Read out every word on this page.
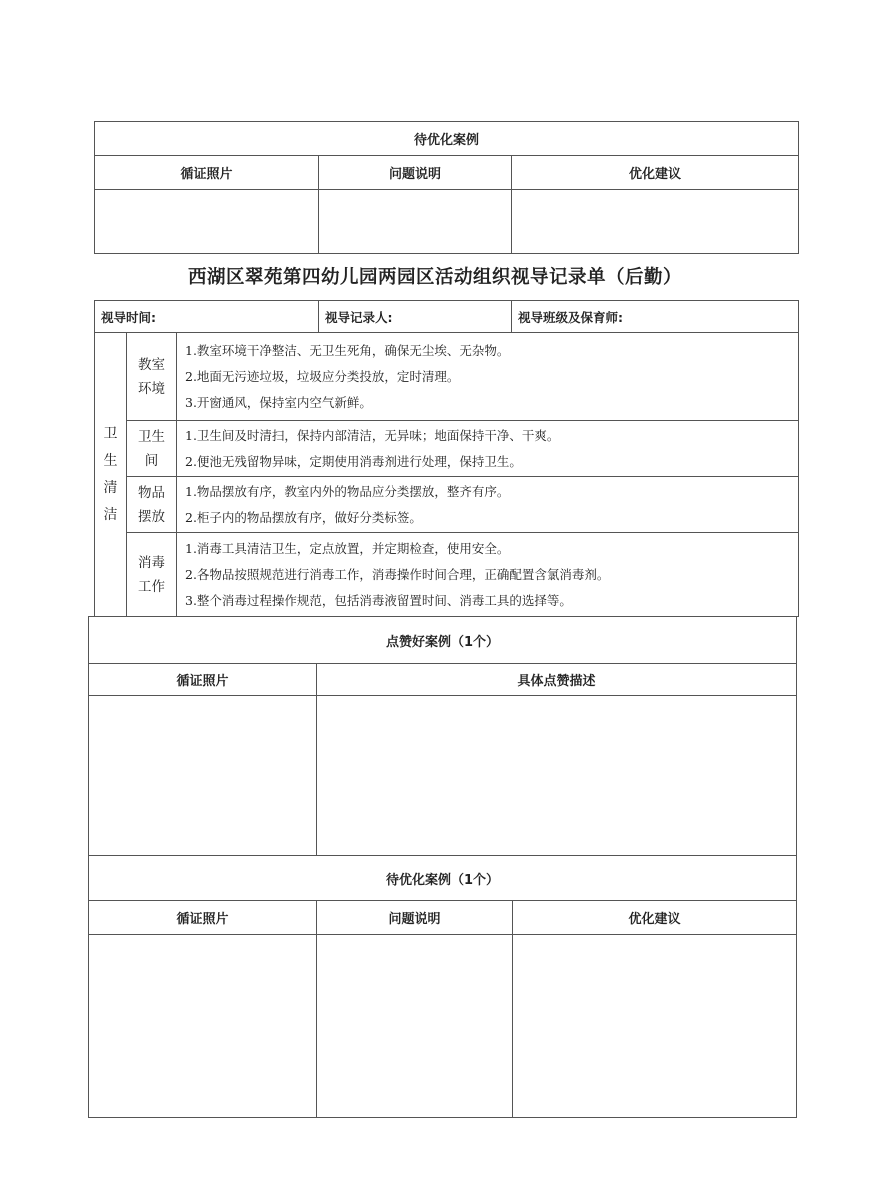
待优化案例		
循证照片	问题说明	优化建议

西湖区翠苑第四幼儿园两园区活动组织视导记录单（后勤）
视导时间:	视导记录人:	视导班级及保育师:
卫生清洁	教室环境	1.教室环境干净整洁、无卫生死角，确保无尘埃、无杂物。
2.地面无污迹垃圾，垃圾应分类投放，定时清理。
3.开窗通风，保持室内空气新鲜。

	卫生间	1.卫生间及时清扫，保持内部清洁，无异味；地面保持干净、干爽。
2.便池无残留物异味，定期使用消毒剂进行处理，保持卫生。

	物品摆放	1.物品摆放有序，教室内外的物品应分类摆放，整齐有序。
2.柜子内的物品摆放有序，做好分类标签。

	消毒工作	1.消毒工具清洁卫生，定点放置，并定期检查，使用安全。
2.各物品按照规范进行消毒工作，消毒操作时间合理，正确配置含氯消毒剂。
3.整个消毒过程操作规范，包括消毒液留置时间、消毒工具的选择等。
点赞好案例（1个）	
循证照片	具体点赞描述

待优化案例（1个）		
循证照片	问题说明	优化建议
